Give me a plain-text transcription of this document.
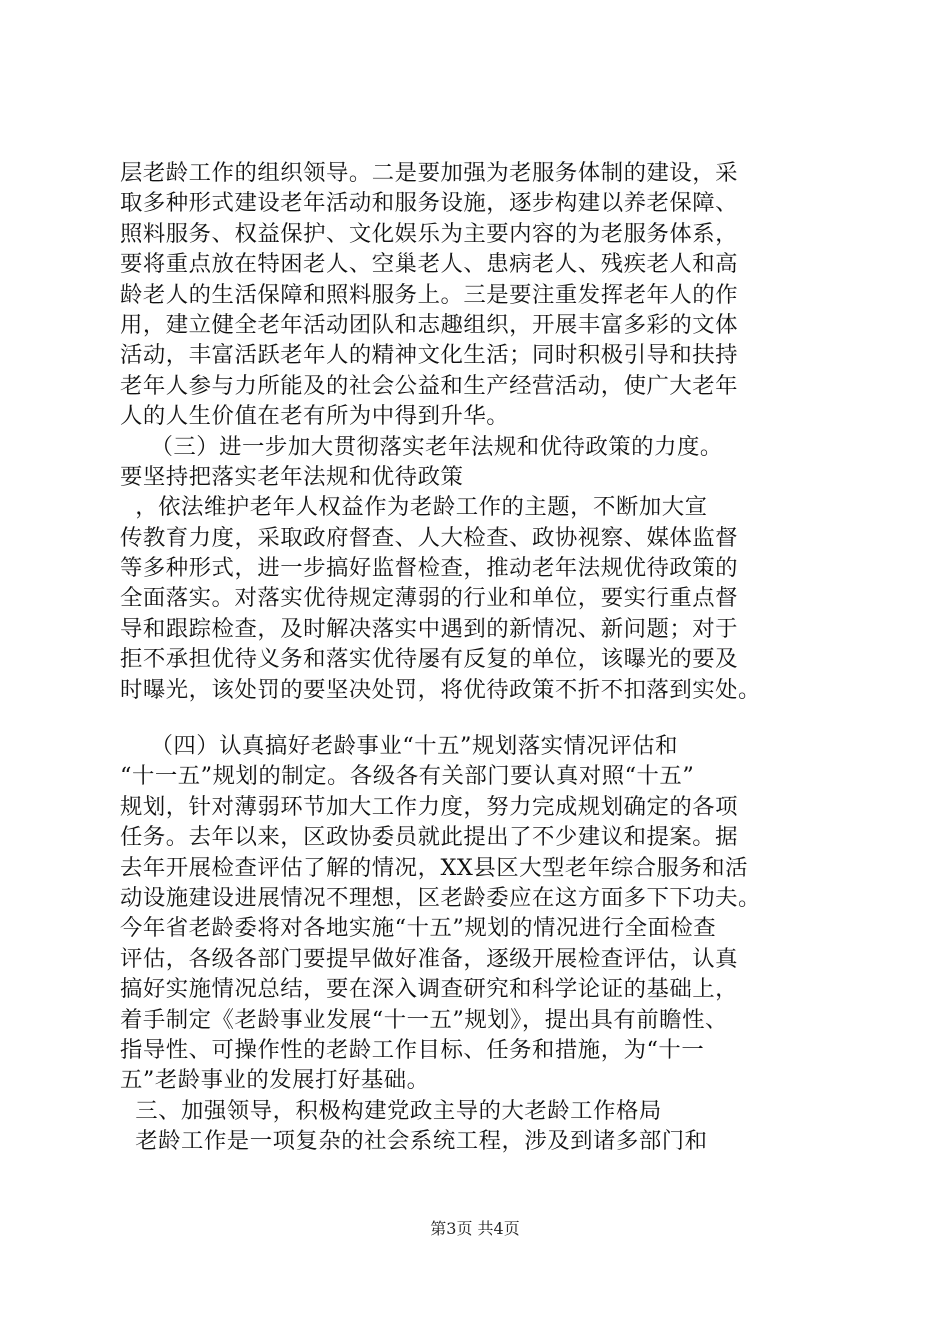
层老龄工作的组织领导。二是要加强为老服务体制的建设，采
取多种形式建设老年活动和服务设施，逐步构建以养老保障、
照料服务、权益保护、文化娱乐为主要内容的为老服务体系，
要将重点放在特困老人、空巢老人、患病老人、残疾老人和高
龄老人的生活保障和照料服务上。三是要注重发挥老年人的作
用，建立健全老年活动团队和志趣组织，开展丰富多彩的文体
活动，丰富活跃老年人的精神文化生活；同时积极引导和扶持
老年人参与力所能及的社会公益和生产经营活动，使广大老年
人的人生价值在老有所为中得到升华。
（三）进一步加大贯彻落实老年法规和优待政策的力度。
要坚持把落实老年法规和优待政策
，依法维护老年人权益作为老龄工作的主题，不断加大宣
传教育力度，采取政府督查、人大检查、政协视察、媒体监督
等多种形式，进一步搞好监督检查，推动老年法规优待政策的
全面落实。对落实优待规定薄弱的行业和单位，要实行重点督
导和跟踪检查，及时解决落实中遇到的新情况、新问题；对于
拒不承担优待义务和落实优待屡有反复的单位，该曝光的要及
时曝光，该处罚的要坚决处罚，将优待政策不折不扣落到实处。
（四）认真搞好老龄事业“十五”规划落实情况评估和
“十一五”规划的制定。各级各有关部门要认真对照“十五”
规划，针对薄弱环节加大工作力度，努力完成规划确定的各项
任务。去年以来，区政协委员就此提出了不少建议和提案。据
去年开展检查评估了解的情况，XX县区大型老年综合服务和活
动设施建设进展情况不理想，区老龄委应在这方面多下下功夫。
今年省老龄委将对各地实施“十五”规划的情况进行全面检查
评估，各级各部门要提早做好准备，逐级开展检查评估，认真
搞好实施情况总结，要在深入调查研究和科学论证的基础上，
着手制定《老龄事业发展“十一五”规划》，提出具有前瞻性、
指导性、可操作性的老龄工作目标、任务和措施，为“十一
五”老龄事业的发展打好基础。
三、加强领导，积极构建党政主导的大老龄工作格局
老龄工作是一项复杂的社会系统工程，涉及到诸多部门和
第3页 共4页
